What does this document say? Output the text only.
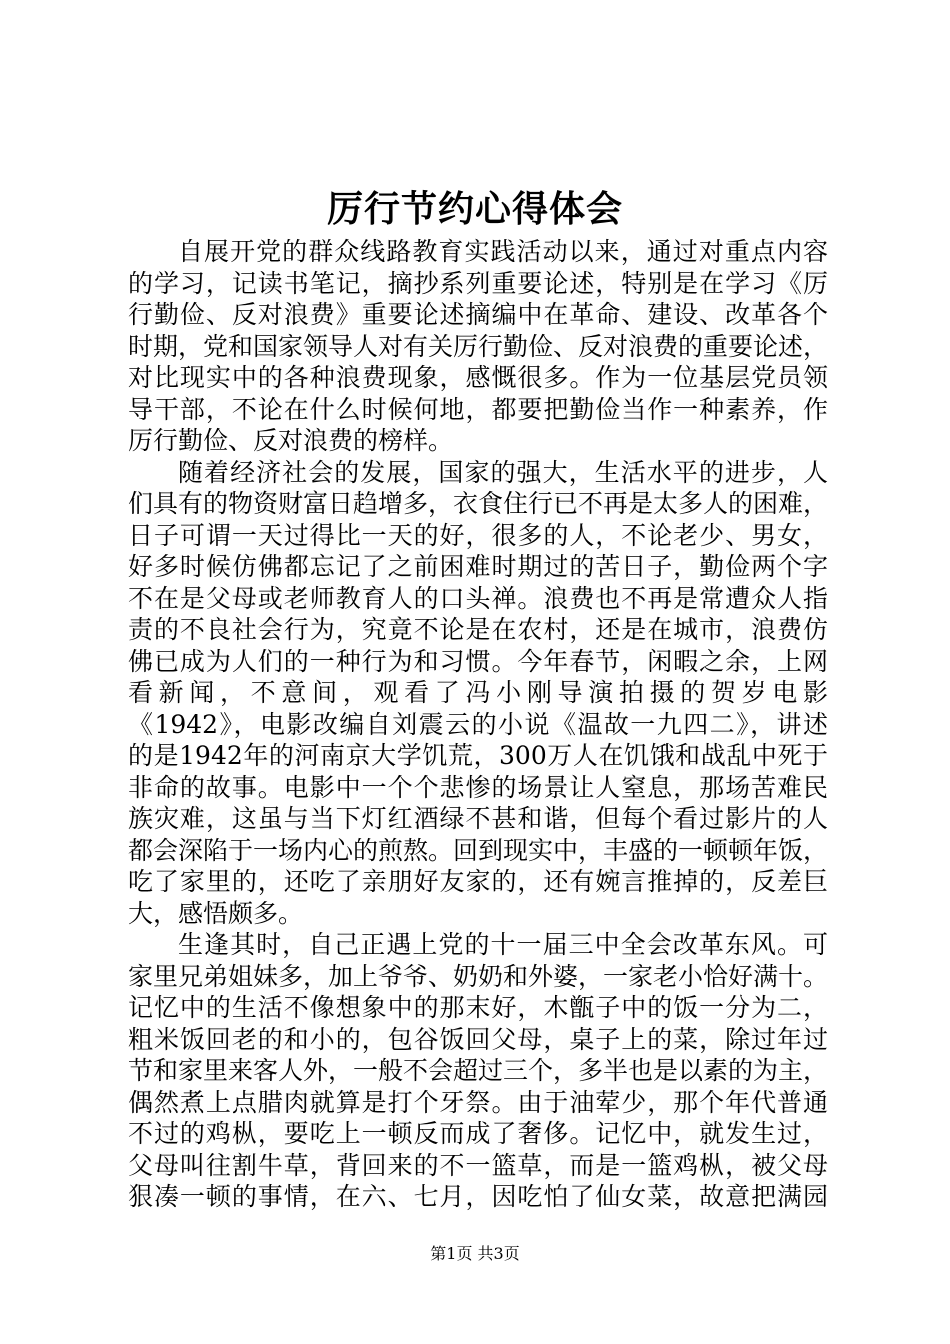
厉行节约心得体会
自展开党的群众线路教育实践活动以来，通过对重点内容
的学习，记读书笔记，摘抄系列重要论述，特别是在学习《厉
行勤俭、反对浪费》重要论述摘编中在革命、建设、改革各个
时期，党和国家领导人对有关厉行勤俭、反对浪费的重要论述，
对比现实中的各种浪费现象，感慨很多。作为一位基层党员领
导干部，不论在什么时候何地，都要把勤俭当作一种素养，作
厉行勤俭、反对浪费的榜样。
随着经济社会的发展，国家的强大，生活水平的进步，人
们具有的物资财富日趋增多，衣食住行已不再是太多人的困难，
日子可谓一天过得比一天的好，很多的人，不论老少、男女，
好多时候仿佛都忘记了之前困难时期过的苦日子，勤俭两个字
不在是父母或老师教育人的口头禅。浪费也不再是常遭众人指
责的不良社会行为，究竟不论是在农村，还是在城市，浪费仿
佛已成为人们的一种行为和习惯。今年春节，闲暇之余，上网
看新闻，不意间，观看了冯小刚导演拍摄的贺岁电影
《1942》，电影改编自刘震云的小说《温故一九四二》，讲述
的是1942年的河南京大学饥荒，300万人在饥饿和战乱中死于
非命的故事。电影中一个个悲惨的场景让人窒息，那场苦难民
族灾难，这虽与当下灯红酒绿不甚和谐，但每个看过影片的人
都会深陷于一场内心的煎熬。回到现实中，丰盛的一顿顿年饭，
吃了家里的，还吃了亲朋好友家的，还有婉言推掉的，反差巨
大，感悟颇多。
生逢其时，自己正遇上党的十一届三中全会改革东风。可
家里兄弟姐妹多，加上爷爷、奶奶和外婆，一家老小恰好满十。
记忆中的生活不像想象中的那末好，木甑子中的饭一分为二，
粗米饭回老的和小的，包谷饭回父母，桌子上的菜，除过年过
节和家里来客人外，一般不会超过三个，多半也是以素的为主，
偶然煮上点腊肉就算是打个牙祭。由于油荤少，那个年代普通
不过的鸡枞，要吃上一顿反而成了奢侈。记忆中，就发生过，
父母叫往割牛草，背回来的不一篮草，而是一篮鸡枞，被父母
狠凑一顿的事情，在六、七月，因吃怕了仙女菜，故意把满园
第1页 共3页
